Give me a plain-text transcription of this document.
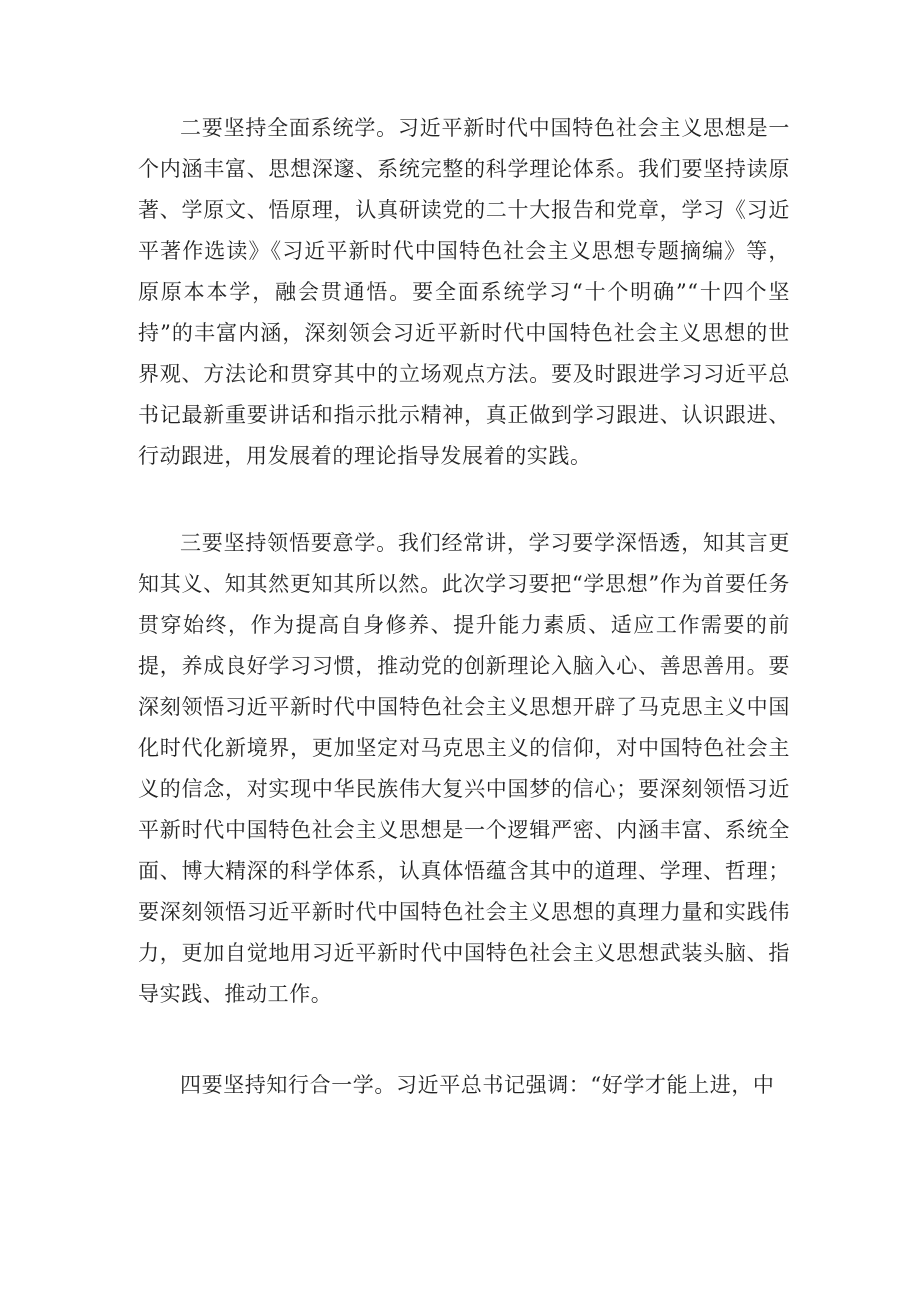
二要坚持全面系统学。习近平新时代中国特色社会主义思想是一个内涵丰富、思想深邃、系统完整的科学理论体系。我们要坚持读原著、学原文、悟原理，认真研读党的二十大报告和党章，学习《习近平著作选读》《习近平新时代中国特色社会主义思想专题摘编》等，原原本本学，融会贯通悟。要全面系统学习“十个明确”“十四个坚持”的丰富内涵，深刻领会习近平新时代中国特色社会主义思想的世界观、方法论和贯穿其中的立场观点方法。要及时跟进学习习近平总书记最新重要讲话和指示批示精神，真正做到学习跟进、认识跟进、行动跟进，用发展着的理论指导发展着的实践。

三要坚持领悟要意学。我们经常讲，学习要学深悟透，知其言更知其义、知其然更知其所以然。此次学习要把“学思想”作为首要任务贯穿始终，作为提高自身修养、提升能力素质、适应工作需要的前提，养成良好学习习惯，推动党的创新理论入脑入心、善思善用。要深刻领悟习近平新时代中国特色社会主义思想开辟了马克思主义中国化时代化新境界，更加坚定对马克思主义的信仰，对中国特色社会主义的信念，对实现中华民族伟大复兴中国梦的信心；要深刻领悟习近平新时代中国特色社会主义思想是一个逻辑严密、内涵丰富、系统全面、博大精深的科学体系，认真体悟蕴含其中的道理、学理、哲理；要深刻领悟习近平新时代中国特色社会主义思想的真理力量和实践伟力，更加自觉地用习近平新时代中国特色社会主义思想武装头脑、指导实践、推动工作。

四要坚持知行合一学。习近平总书记强调：“好学才能上进，中
